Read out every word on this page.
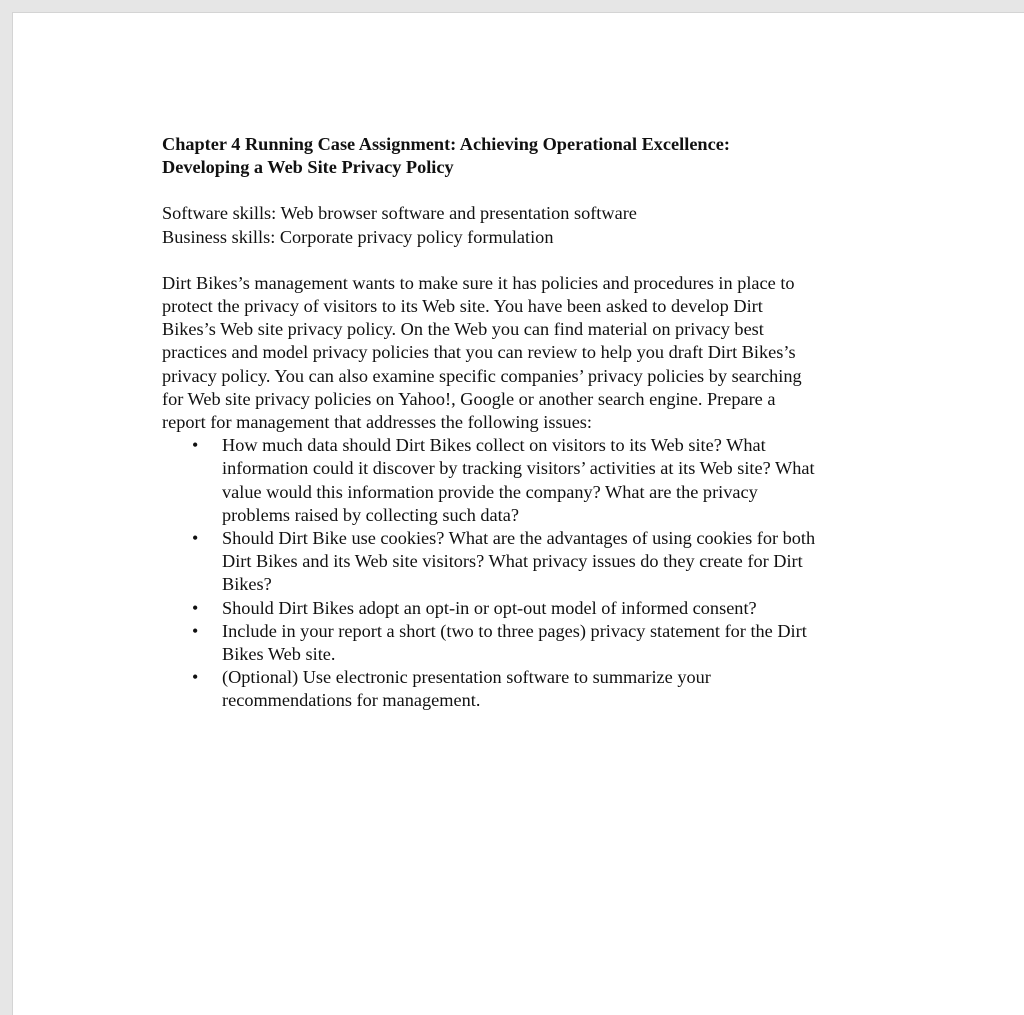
Chapter 4 Running Case Assignment: Achieving Operational Excellence:
Developing a Web Site Privacy Policy
Software skills: Web browser software and presentation software
Business skills: Corporate privacy policy formulation
Dirt Bikes’s management wants to make sure it has policies and procedures in place to
protect the privacy of visitors to its Web site. You have been asked to develop Dirt
Bikes’s Web site privacy policy. On the Web you can find material on privacy best
practices and model privacy policies that you can review to help you draft Dirt Bikes’s
privacy policy. You can also examine specific companies’ privacy policies by searching
for Web site privacy policies on Yahoo!, Google or another search engine. Prepare a
report for management that addresses the following issues:
• How much data should Dirt Bikes collect on visitors to its Web site? What
information could it discover by tracking visitors’ activities at its Web site? What
value would this information provide the company? What are the privacy
problems raised by collecting such data?
• Should Dirt Bike use cookies? What are the advantages of using cookies for both
Dirt Bikes and its Web site visitors? What privacy issues do they create for Dirt
Bikes?
• Should Dirt Bikes adopt an opt-in or opt-out model of informed consent?
• Include in your report a short (two to three pages) privacy statement for the Dirt
Bikes Web site.
• (Optional) Use electronic presentation software to summarize your
recommendations for management.
